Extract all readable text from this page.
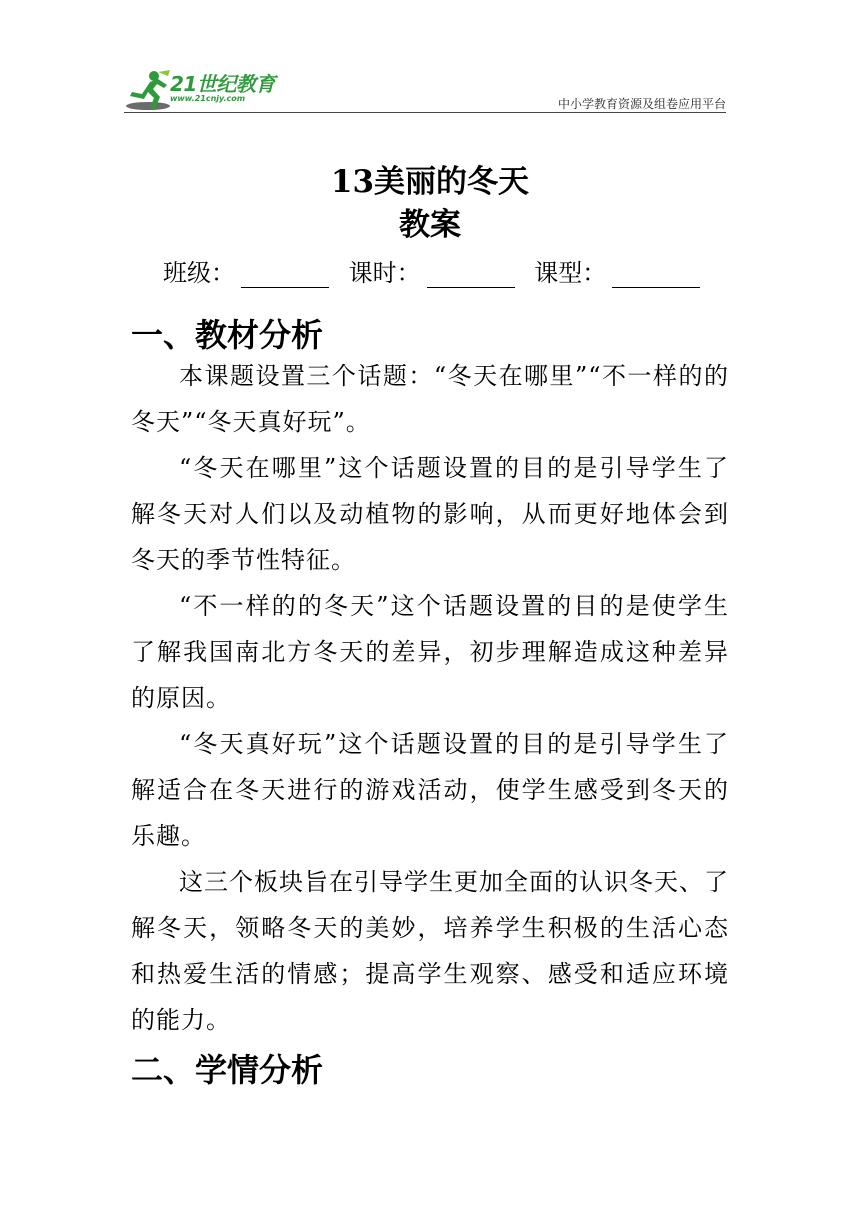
21世纪教育
www.21cnjy.com	中小学教育资源及组卷应用平台
13美丽的冬天
教案
班级：	课时：	课型：
一、教材分析
本课题设置三个话题：“冬天在哪里”“不一样的的冬天”“冬天真好玩”。
“冬天在哪里”这个话题设置的目的是引导学生了解冬天对人们以及动植物的影响，从而更好地体会到冬天的季节性特征。
“不一样的的冬天”这个话题设置的目的是使学生了解我国南北方冬天的差异，初步理解造成这种差异的原因。
“冬天真好玩”这个话题设置的目的是引导学生了解适合在冬天进行的游戏活动，使学生感受到冬天的乐趣。
这三个板块旨在引导学生更加全面的认识冬天、了解冬天，领略冬天的美妙，培养学生积极的生活心态和热爱生活的情感；提高学生观察、感受和适应环境的能力。
二、学情分析
